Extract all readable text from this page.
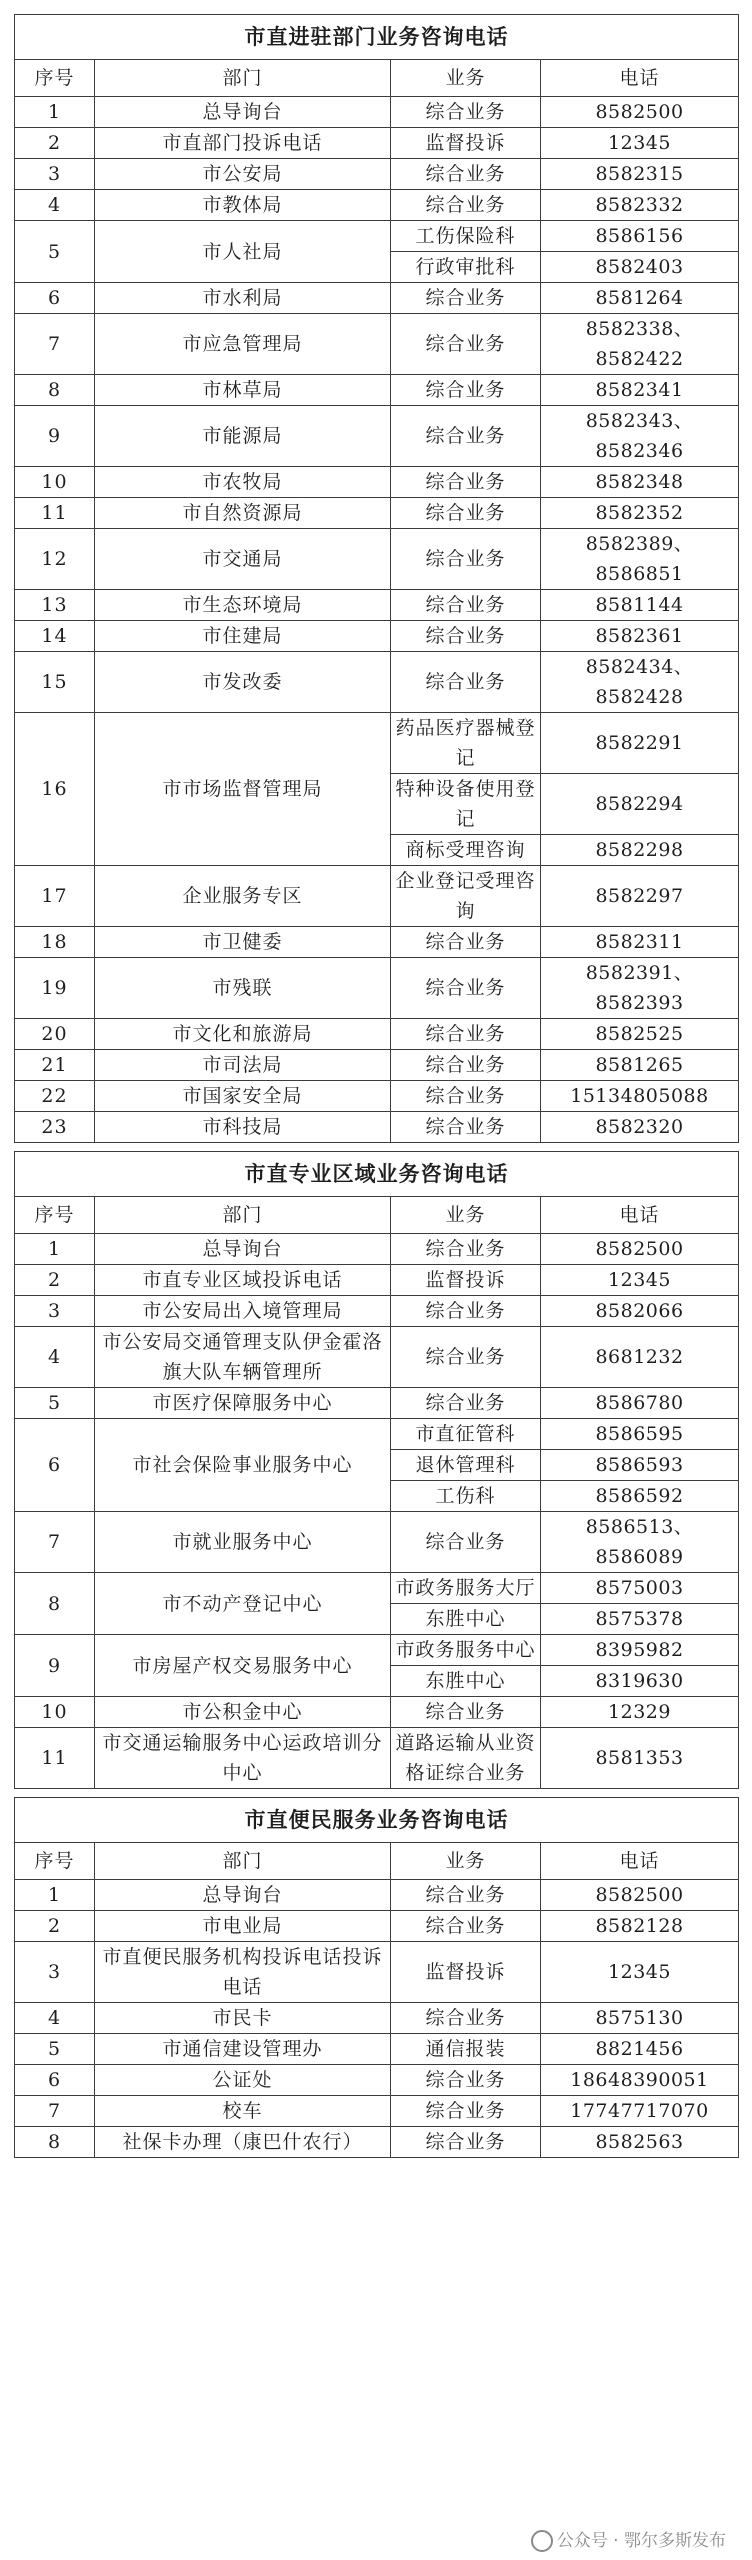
市直进驻部门业务咨询电话			
序号	部门	业务	电话
1	总导询台	综合业务	8582500
2	市直部门投诉电话	监督投诉	12345
3	市公安局	综合业务	8582315
4	市教体局	综合业务	8582332
5	市人社局	工伤保险科	8586156
		行政审批科	8582403
6	市水利局	综合业务	8581264
7	市应急管理局	综合业务	8582338、8582422
8	市林草局	综合业务	8582341
9	市能源局	综合业务	8582343、8582346
10	市农牧局	综合业务	8582348
11	市自然资源局	综合业务	8582352
12	市交通局	综合业务	8582389、8586851
13	市生态环境局	综合业务	8581144
14	市住建局	综合业务	8582361
15	市发改委	综合业务	8582434、8582428
16	市市场监督管理局	药品医疗器械登记	8582291
		特种设备使用登记	8582294
		商标受理咨询	8582298
17	企业服务专区	企业登记受理咨询	8582297
18	市卫健委	综合业务	8582311
19	市残联	综合业务	8582391、8582393
20	市文化和旅游局	综合业务	8582525
21	市司法局	综合业务	8581265
22	市国家安全局	综合业务	15134805088
23	市科技局	综合业务	8582320
市直专业区域业务咨询电话			
序号	部门	业务	电话
1	总导询台	综合业务	8582500
2	市直专业区域投诉电话	监督投诉	12345
3	市公安局出入境管理局	综合业务	8582066
4	市公安局交通管理支队伊金霍洛旗大队车辆管理所	综合业务	8681232
5	市医疗保障服务中心	综合业务	8586780
6	市社会保险事业服务中心	市直征管科	8586595
		退休管理科	8586593
		工伤科	8586592
7	市就业服务中心	综合业务	8586513、8586089
8	市不动产登记中心	市政务服务大厅	8575003
		东胜中心	8575378
9	市房屋产权交易服务中心	市政务服务中心	8395982
		东胜中心	8319630
10	市公积金中心	综合业务	12329
11	市交通运输服务中心运政培训分中心	道路运输从业资格证综合业务	8581353
市直便民服务业务咨询电话			
序号	部门	业务	电话
1	总导询台	综合业务	8582500
2	市电业局	综合业务	8582128
3	市直便民服务机构投诉电话投诉电话	监督投诉	12345
4	市民卡	综合业务	8575130
5	市通信建设管理办	通信报装	8821456
6	公证处	综合业务	18648390051
7	校车	综合业务	17747717070
8	社保卡办理（康巴什农行）	综合业务	8582563
公众号 · 鄂尔多斯发布
